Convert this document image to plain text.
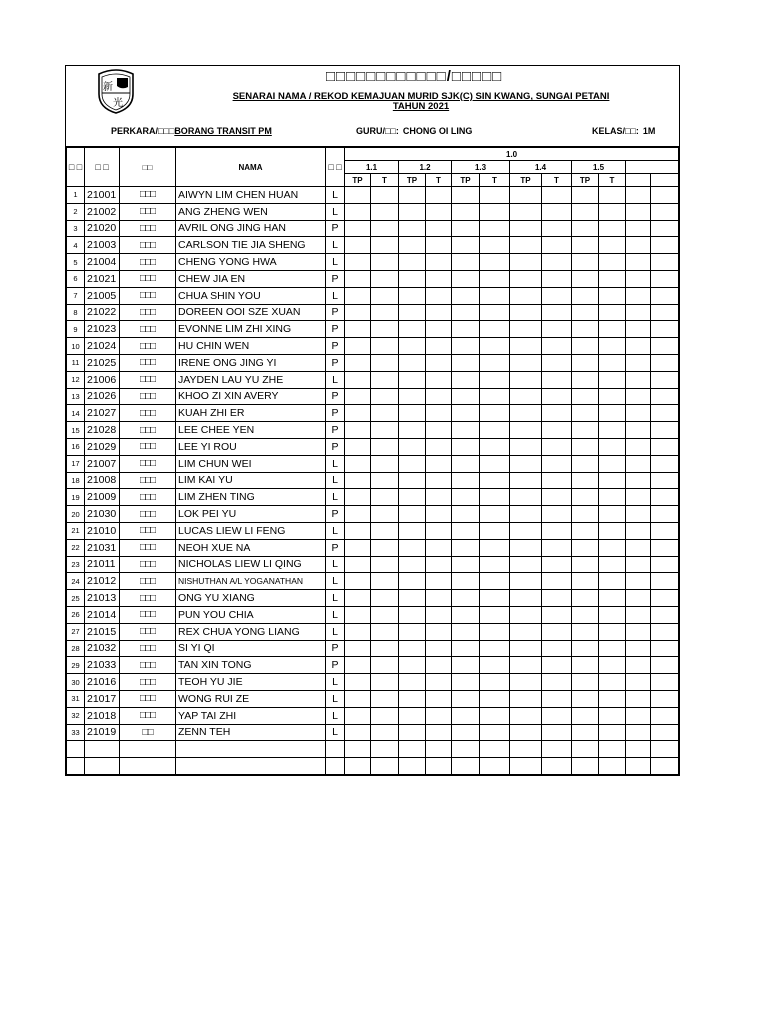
新
光
□□□□□□□□□□□□/□□□□□
SENARAI NAMA / REKOD KEMAJUAN MURID SJK(C) SIN KWANG, SUNGAI PETANI
TAHUN 2021
PERKARA/□□□BORANG TRANSIT PM	GURU/□□: CHONG OI LING	KELAS/□□: 1M
□ □	□ □	□□	NAMA	□ □	1.0											
					1.1		1.2		1.3		1.4		1.5			
					TP	T	TP	T	TP	T	TP	T	TP	T		
1	21001	□□□	AIWYN LIM CHEN HUAN	L												
2	21002	□□□	ANG ZHENG WEN	L												
3	21020	□□□	AVRIL ONG JING HAN	P												
4	21003	□□□	CARLSON TIE JIA SHENG	L												
5	21004	□□□	CHENG YONG HWA	L												
6	21021	□□□	CHEW JIA EN	P												
7	21005	□□□	CHUA SHIN YOU	L												
8	21022	□□□	DOREEN OOI SZE XUAN	P												
9	21023	□□□	EVONNE LIM ZHI XING	P												
10	21024	□□□	HU CHIN WEN	P												
11	21025	□□□	IRENE ONG JING YI	P												
12	21006	□□□	JAYDEN LAU YU ZHE	L												
13	21026	□□□	KHOO ZI XIN AVERY	P												
14	21027	□□□	KUAH ZHI ER	P												
15	21028	□□□	LEE CHEE YEN	P												
16	21029	□□□	LEE YI ROU	P												
17	21007	□□□	LIM CHUN WEI	L												
18	21008	□□□	LIM KAI YU	L												
19	21009	□□□	LIM ZHEN TING	L												
20	21030	□□□	LOK PEI YU	P												
21	21010	□□□	LUCAS LIEW LI FENG	L												
22	21031	□□□	NEOH XUE NA	P												
23	21011	□□□	NICHOLAS LIEW LI QING	L												
24	21012	□□□	NISHUTHAN A/L YOGANATHAN	L												
25	21013	□□□	ONG YU XIANG	L												
26	21014	□□□	PUN YOU CHIA	L												
27	21015	□□□	REX CHUA YONG LIANG	L												
28	21032	□□□	SI YI QI	P												
29	21033	□□□	TAN XIN TONG	P												
30	21016	□□□	TEOH YU JIE	L												
31	21017	□□□	WONG RUI ZE	L												
32	21018	□□□	YAP TAI ZHI	L												
33	21019	□□	ZENN TEH	L												
